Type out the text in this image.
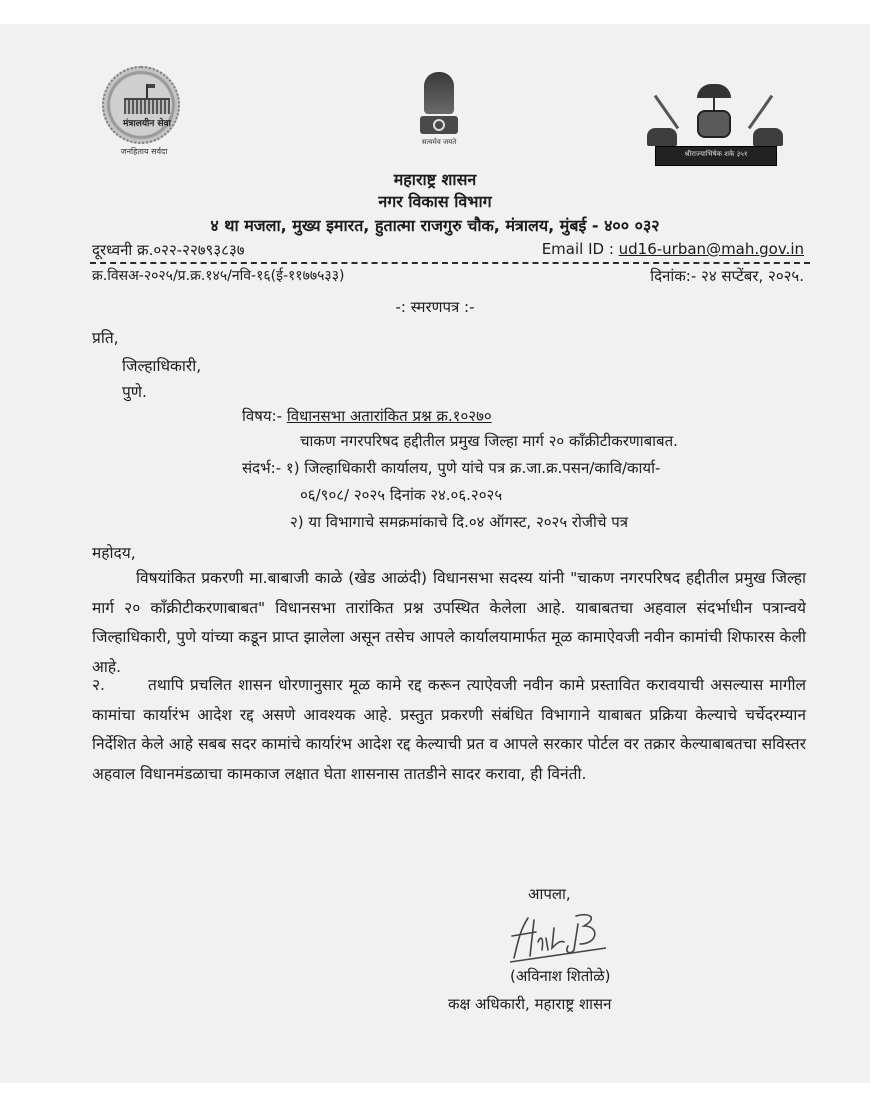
मंत्रालयीन सेवा
जनहिताय सर्वदा
सत्यमेव जयते
श्रीराज्याभिषेक शके ३५१
महाराष्ट्र शासन
नगर विकास विभाग
४ था मजला, मुख्य इमारत, हुतात्मा राजगुरु चौक, मंत्रालय, मुंबई - ४०० ०३२
दूरध्वनी क्र.०२२-२२७९३८३७	Email ID : ud16-urban@mah.gov.in
क्र.विसअ-२०२५/प्र.क्र.१४५/नवि-१६(ई-११७७५३३)	दिनांक:- २४ सप्टेंबर, २०२५.
-: स्मरणपत्र :-
प्रति,
जिल्हाधिकारी,
पुणे.
विषय:- विधानसभा अतारांकित प्रश्न क्र.१०२७०
चाकण नगरपरिषद हद्दीतील प्रमुख जिल्हा मार्ग २० कॉंक्रीटीकरणाबाबत.
संदर्भ:- १) जिल्हाधिकारी कार्यालय, पुणे यांचे पत्र क्र.जा.क्र.पसन/कावि/कार्या-
०६/९०८/ २०२५ दिनांक २४.०६.२०२५
२) या विभागाचे समक्रमांकाचे दि.०४ ऑगस्ट, २०२५ रोजीचे पत्र
महोदय,
विषयांकित प्रकरणी मा.बाबाजी काळे (खेड आळंदी) विधानसभा सदस्य यांनी "चाकण नगरपरिषद हद्दीतील प्रमुख जिल्हा मार्ग २० कॉंक्रीटीकरणाबाबत" विधानसभा तारांकित प्रश्न उपस्थित केलेला आहे. याबाबतचा अहवाल संदर्भाधीन पत्रान्वये जिल्हाधिकारी, पुणे यांच्या कडून प्राप्त झालेला असून तसेच आपले कार्यालयामार्फत मूळ कामाऐवजी नवीन कामांची शिफारस केली आहे.
२.	तथापि प्रचलित शासन धोरणानुसार मूळ कामे रद्द करून त्याऐवजी नवीन कामे प्रस्तावित करावयाची असल्यास मागील कामांचा कार्यारंभ आदेश रद्द असणे आवश्यक आहे. प्रस्तुत प्रकरणी संबंधित विभागाने याबाबत प्रक्रिया केल्याचे चर्चेदरम्यान निर्देशित केले आहे सबब सदर कामांचे कार्यारंभ आदेश रद्द केल्याची प्रत व आपले सरकार पोर्टल वर तक्रार केल्याबाबतचा सविस्तर अहवाल विधानमंडळाचा कामकाज लक्षात घेता शासनास तातडीने सादर करावा, ही विनंती.
आपला,
(अविनाश शितोळे)
कक्ष अधिकारी, महाराष्ट्र शासन
